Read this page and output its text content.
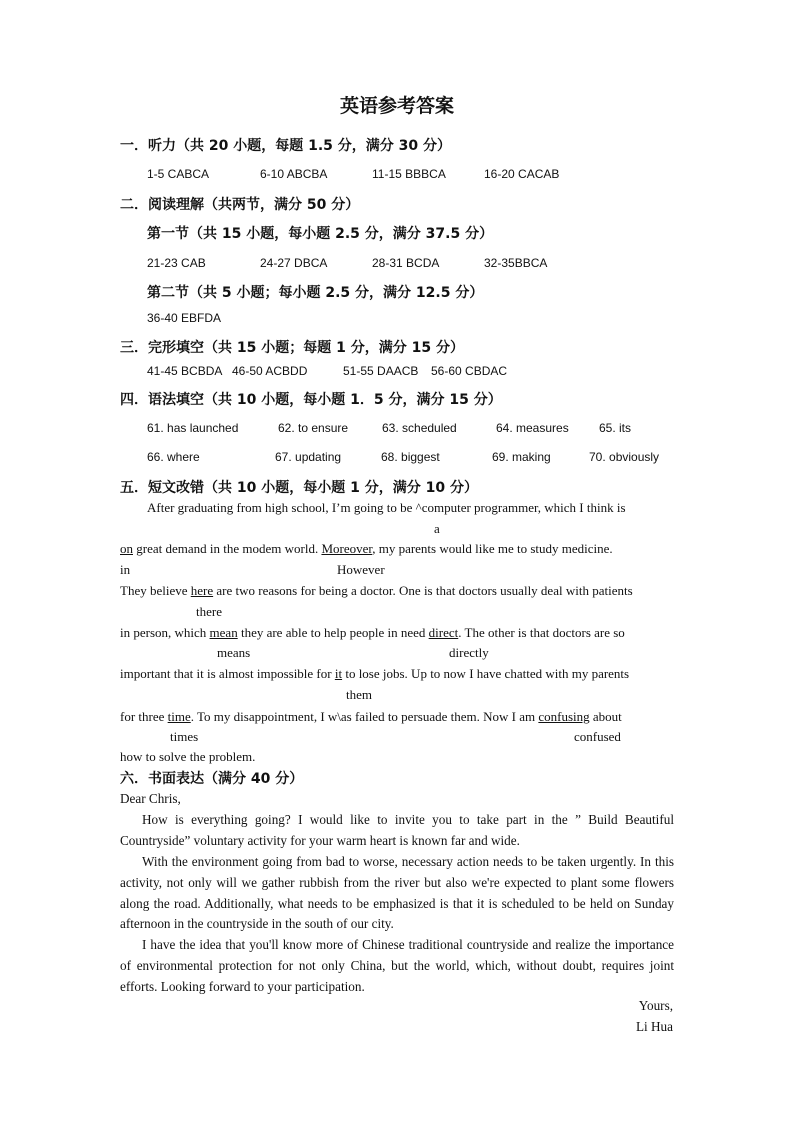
英语参考答案
一．听力（共 20 小题，每题 1.5 分，满分 30 分）
1-5 CABCA	6-10 ABCBA	11-15 BBBCA	16-20 CACAB
二．阅读理解（共两节，满分 50 分）
第一节（共 15 小题，每小题 2.5 分，满分 37.5 分）
21-23 CAB	24-27 DBCA	28-31 BCDA	32-35BBCA
第二节（共 5 小题；每小题 2.5 分，满分 12.5 分）
36-40 EBFDA
三．完形填空（共 15 小题；每题 1 分，满分 15 分）
41-45 BCBDA 46-50 ACBDD	51-55 DAACB 56-60 CBDAC
四．语法填空（共 10 小题，每小题 1．5 分，满分 15 分）
61. has launched	62. to ensure	63. scheduled	64. measures	65. its
66. where	67. updating	68. biggest	69. making	70. obviously
五．短文改错（共 10 小题，每小题 1 分，满分 10 分）
After graduating from high school, I’m going to be ^computer programmer, which I think is
a
on great demand in the modem world. Moreover, my parents would like me to study medicine.
in	However
They believe here are two reasons for being a doctor. One is that doctors usually deal with patients
there
in person, which mean they are able to help people in need direct. The other is that doctors are so
means	directly
important that it is almost impossible for it to lose jobs. Up to now I have chatted with my parents
them
for three time. To my disappointment, I w\as failed to persuade them. Now I am confusing about
times	confused
how to solve the problem.
六．书面表达（满分 40 分）
Dear Chris,
How is everything going? I would like to invite you to take part in the ” Build Beautiful Countryside” voluntary activity for your warm heart is known far and wide.
With the environment going from bad to worse, necessary action needs to be taken urgently. In this activity, not only will we gather rubbish from the river but also we're expected to plant some flowers along the road. Additionally, what needs to be emphasized is that it is scheduled to be held on Sunday afternoon in the countryside in the south of our city.
I have the idea that you'll know more of Chinese traditional countryside and realize the importance of environmental protection for not only China, but the world, which, without doubt, requires joint efforts. Looking forward to your participation.
Yours,
Li Hua
